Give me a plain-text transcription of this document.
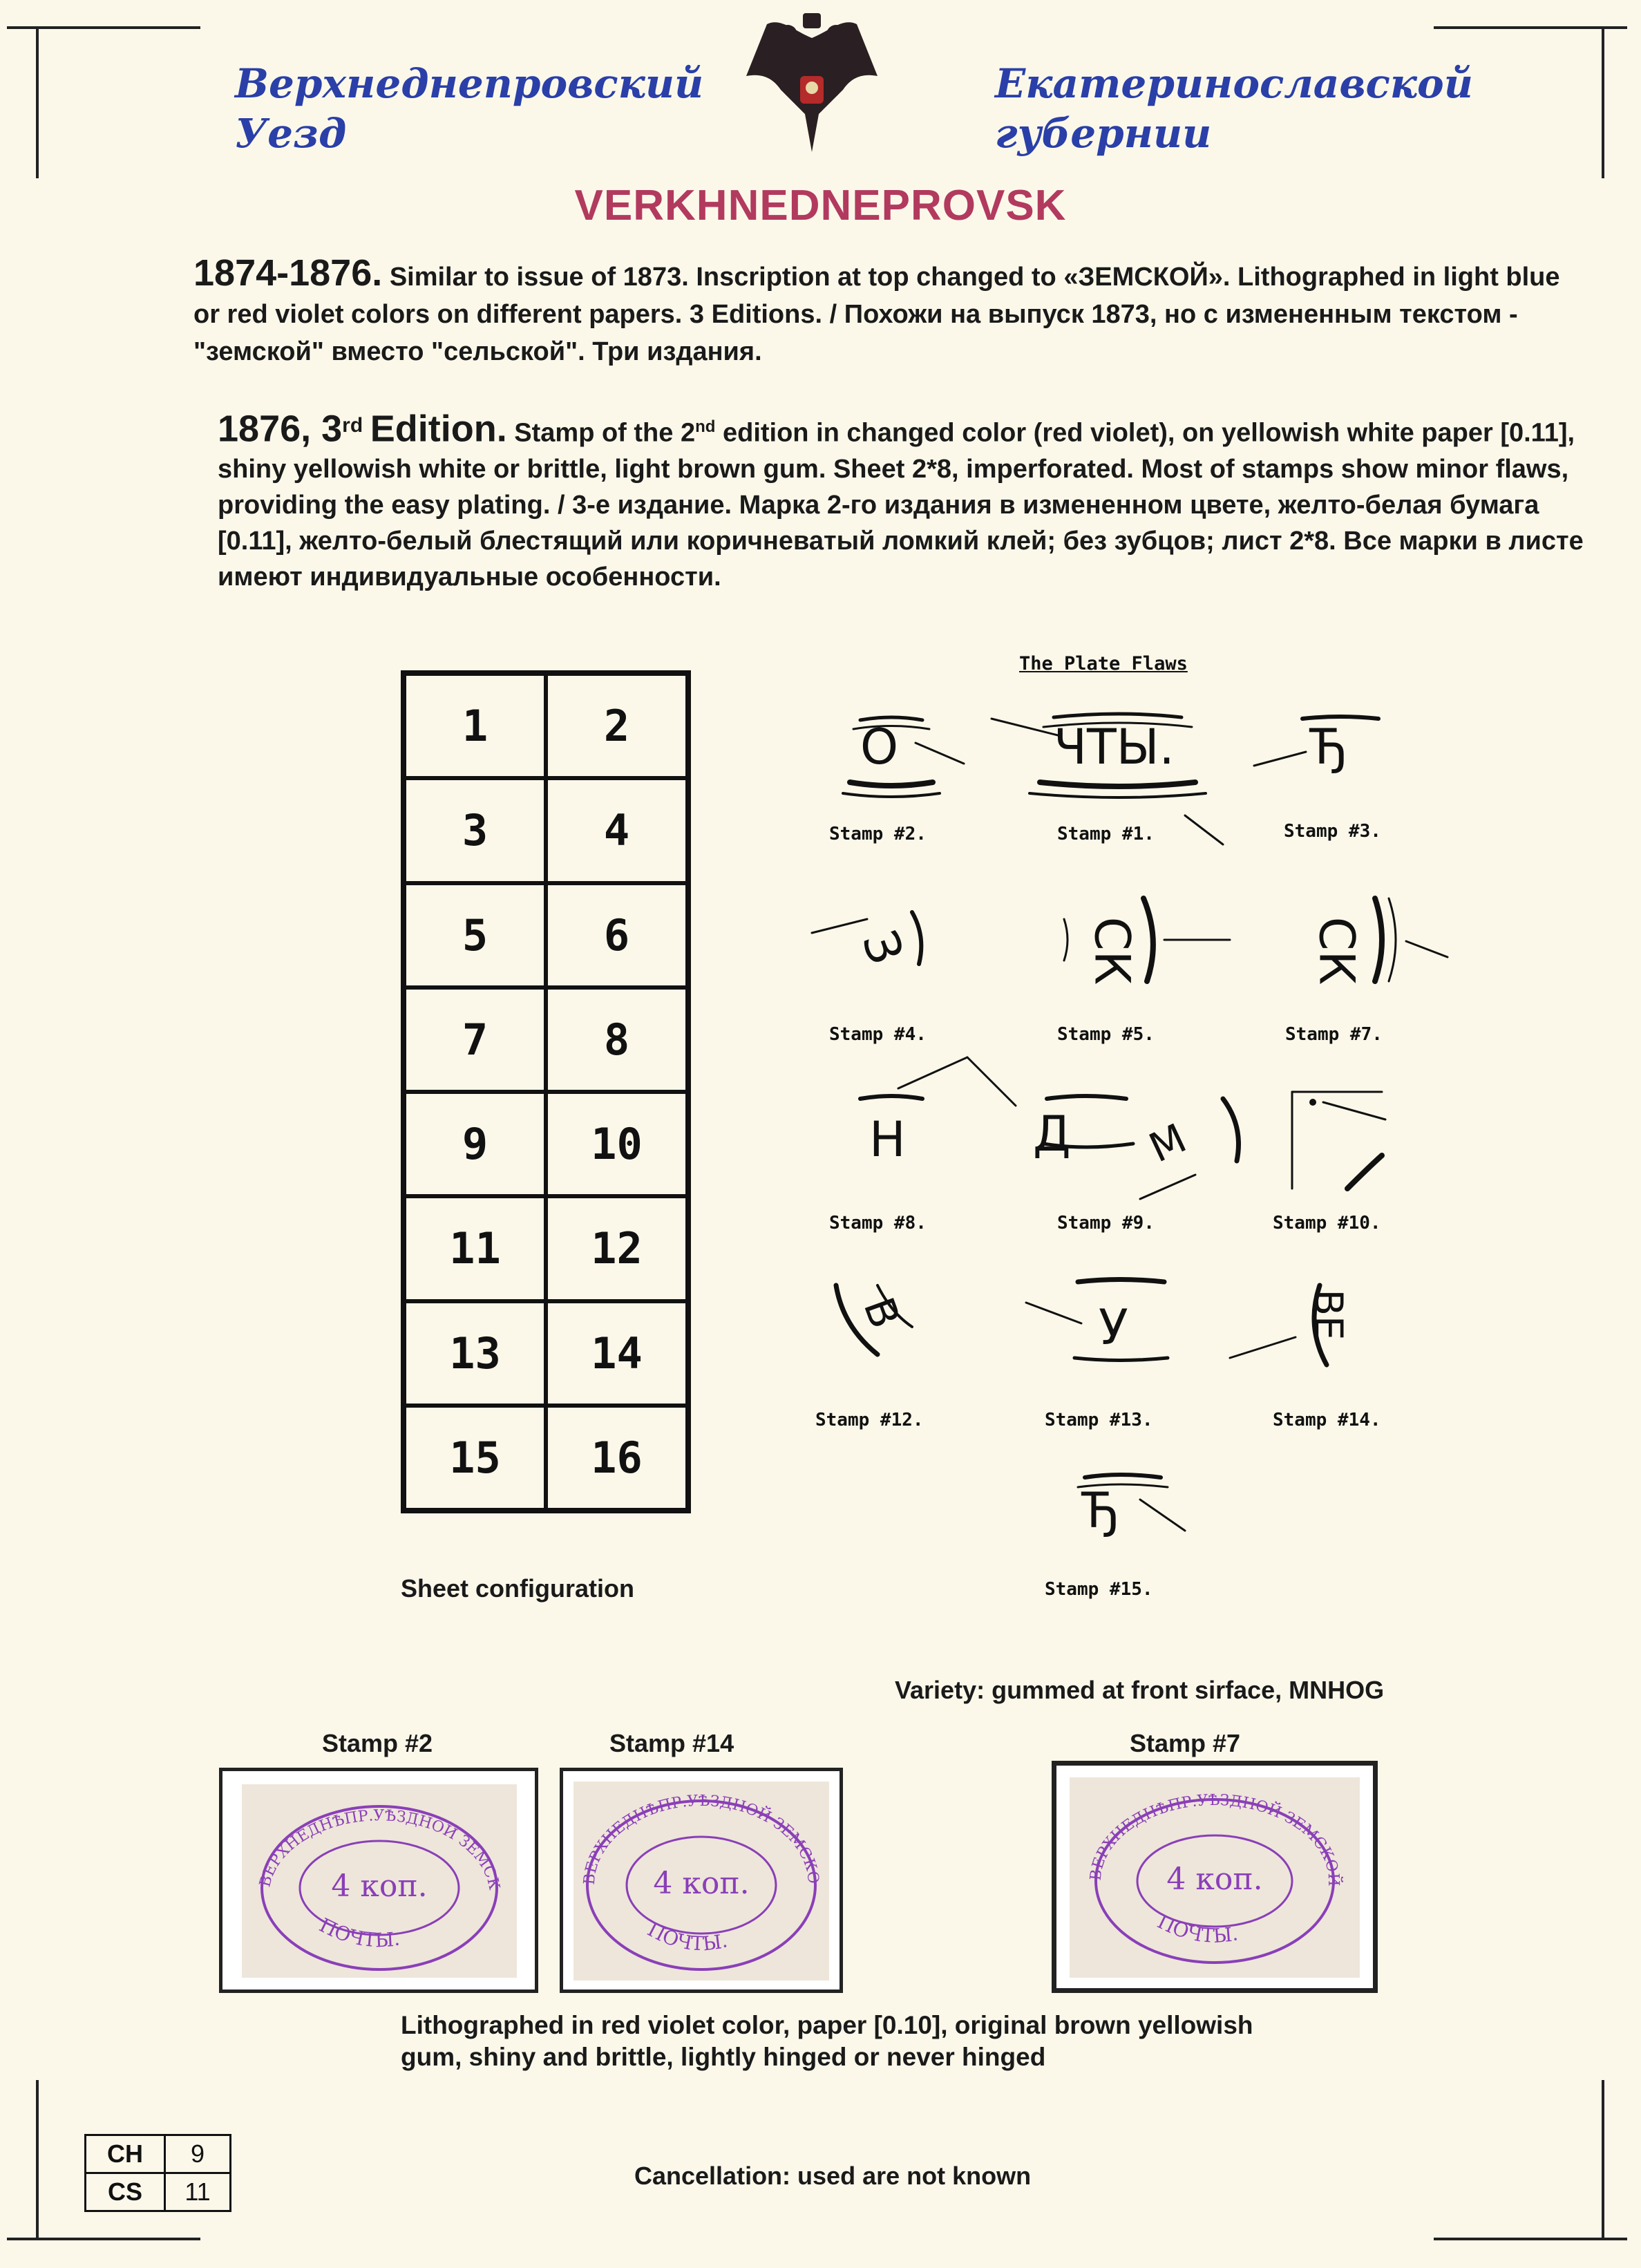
Верхнеднепровский
Уезд
Екатеринославской
губернии
VERKHNEDNEPROVSK
1874-1876. Similar to issue of 1873. Inscription at top changed to «ЗЕМСКОЙ». Lithographed in light blue or red violet colors on different papers. 3 Editions. / Похожи на выпуск 1873, но с измененным текстом - "земской" вместо "сельской". Три издания.
1876, 3rd Edition. Stamp of the 2nd edition in changed color (red violet), on yellowish white paper [0.11], shiny yellowish white or brittle, light brown gum. Sheet 2*8, imperforated. Most of stamps show minor flaws, providing the easy plating. / 3-е издание. Марка 2-го издания в измененном цвете, желто-белая бумага [0.11], желто-белый блестящий или коричневатый ломкий клей; без зубцов; лист 2*8. Все марки в листе имеют индивидуальные особенности.
1	2
3	4
5	6
7	8
9	10
11	12
13	14
15	16
Sheet configuration
The Plate Flaws
О
Stamp #2.
ЧТЫ.
Stamp #1.
Ђ
Stamp #3.
З
Stamp #4.
СК
Stamp #5.
СК
Stamp #7.
Н
Stamp #8.
Д М
Stamp #9.	Stamp #10.
В
Stamp #12.
У
Stamp #13.
ВЕ
Stamp #14.
Ђ
Stamp #15.
Variety: gummed at front sirface, MNHOG
Stamp #2	Stamp #14	Stamp #7
ВЕРХНЕДНѢПР.УѢЗДНОЙ ЗЕМСК
4 коп.
ПОЧТЫ.
ВЕРХНЕДНѢПР.УѢЗДНОЙ ЗЕМСКО
4 коп.
ПОЧТЫ.
ВЕРХНЕДНѢПР.УѢЗДНОЙ ЗЕМСКОЙ
4 коп.
ПОЧТЫ.
Lithographed in red violet color, paper [0.10], original brown yellowish gum, shiny and brittle, lightly hinged or never hinged
CH	9
CS	11
Cancellation: used are not known
